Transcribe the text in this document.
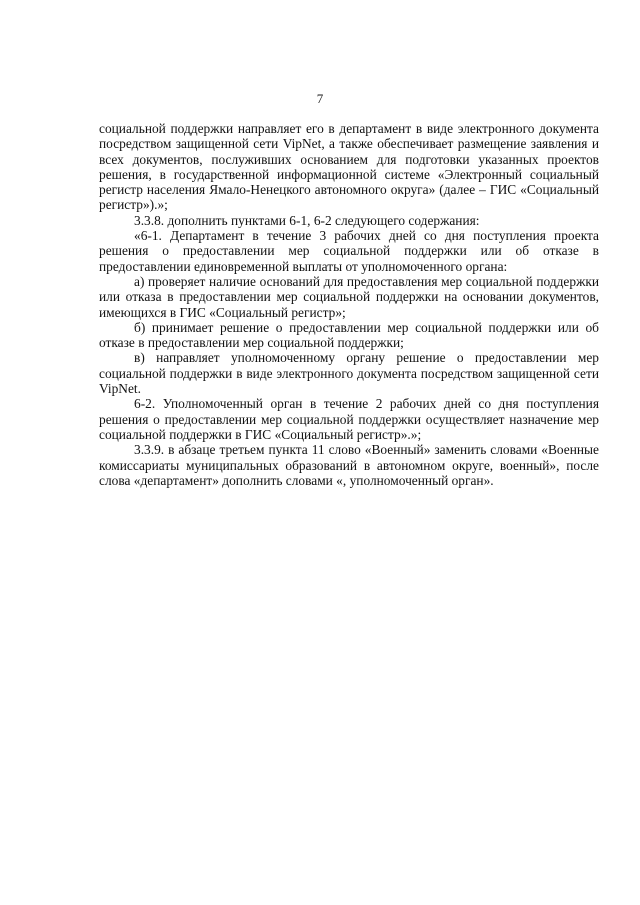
7

социальной поддержки направляет его в департамент в виде электронного документа посредством защищенной сети VipNet, а также обеспечивает размещение заявления и всех документов, послуживших основанием для подготовки указанных проектов решения, в государственной информационной системе «Электронный социальный регистр населения Ямало-Ненецкого автономного округа» (далее – ГИС «Социальный регистр»).»;

3.3.8. дополнить пунктами 6-1, 6-2 следующего содержания:

«6-1. Департамент в течение 3 рабочих дней со дня поступления проекта решения о предоставлении мер социальной поддержки или об отказе в предоставлении единовременной выплаты от уполномоченного органа:

а) проверяет наличие оснований для предоставления мер социальной поддержки или отказа в предоставлении мер социальной поддержки на основании документов, имеющихся в ГИС «Социальный регистр»;

б) принимает решение о предоставлении мер социальной поддержки или об отказе в предоставлении мер социальной поддержки;

в) направляет уполномоченному органу решение о предоставлении мер социальной поддержки в виде электронного документа посредством защищенной сети VipNet.

6-2. Уполномоченный орган в течение 2 рабочих дней со дня поступления решения о предоставлении мер социальной поддержки осуществляет назначение мер социальной поддержки в ГИС «Социальный регистр».»;

3.3.9. в абзаце третьем пункта 11 слово «Военный» заменить словами «Военные комиссариаты муниципальных образований в автономном округе, военный», после слова «департамент» дополнить словами «, уполномоченный орган».
